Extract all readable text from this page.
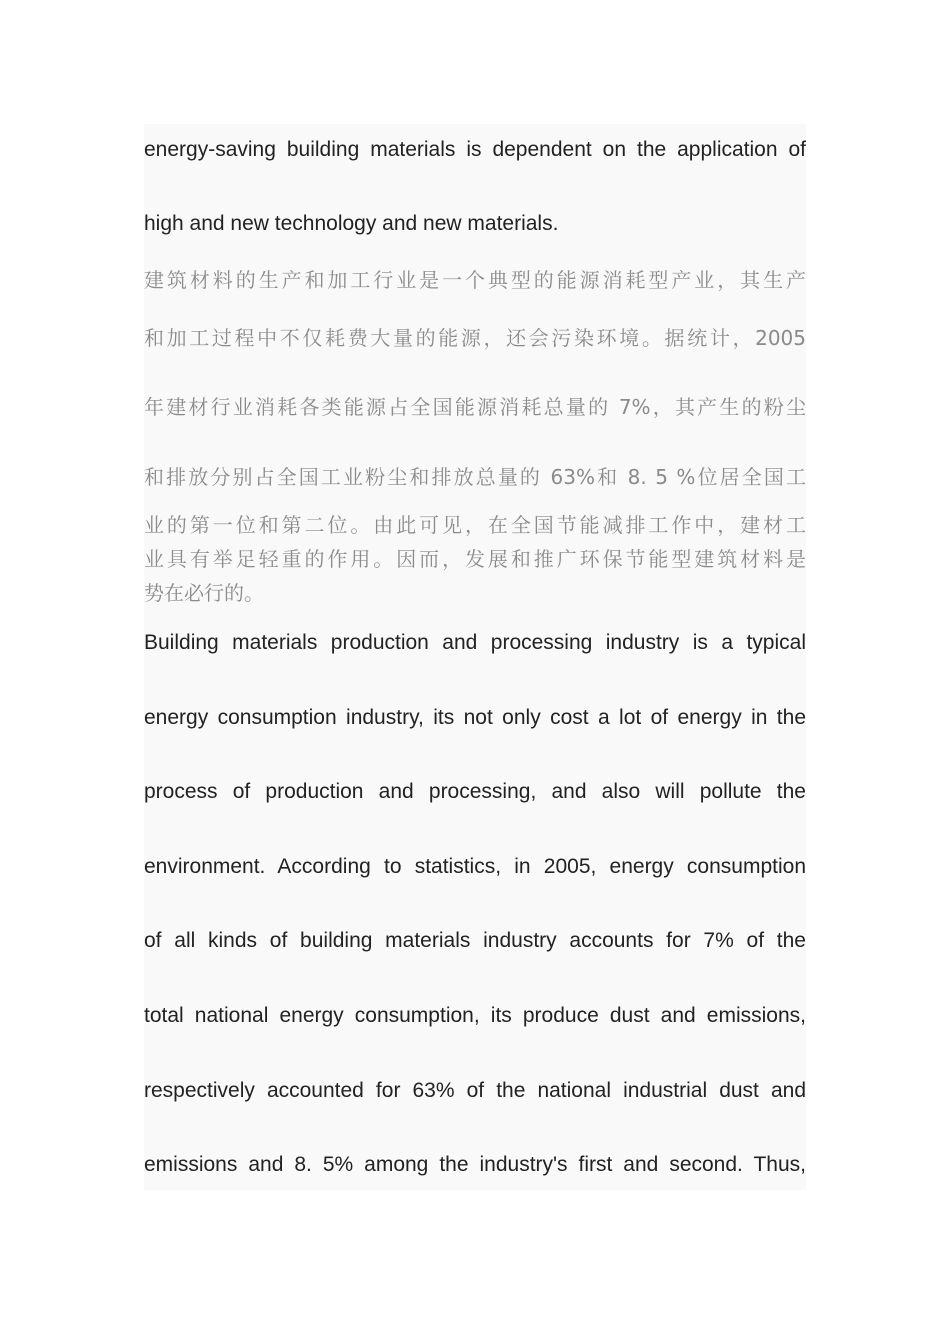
energy-saving building materials is dependent on the application of
high and new technology and new materials.
建筑材料的生产和加工行业是一个典型的能源消耗型产业，其生产
和加工过程中不仅耗费大量的能源，还会污染环境。据统计，2005
年建材行业消耗各类能源占全国能源消耗总量的 7%，其产生的粉尘
和排放分别占全国工业粉尘和排放总量的 63%和 8. 5 %位居全国工
业的第一位和第二位。由此可见，在全国节能减排工作中，建材工
业具有举足轻重的作用。因而，发展和推广环保节能型建筑材料是
势在必行的。
Building materials production and processing industry is a typical
energy consumption industry, its not only cost a lot of energy in the
process of production and processing, and also will pollute the
environment. According to statistics, in 2005, energy consumption
of all kinds of building materials industry accounts for 7% of the
total national energy consumption, its produce dust and emissions,
respectively accounted for 63% of the national industrial dust and
emissions and 8. 5% among the industry's first and second. Thus,
